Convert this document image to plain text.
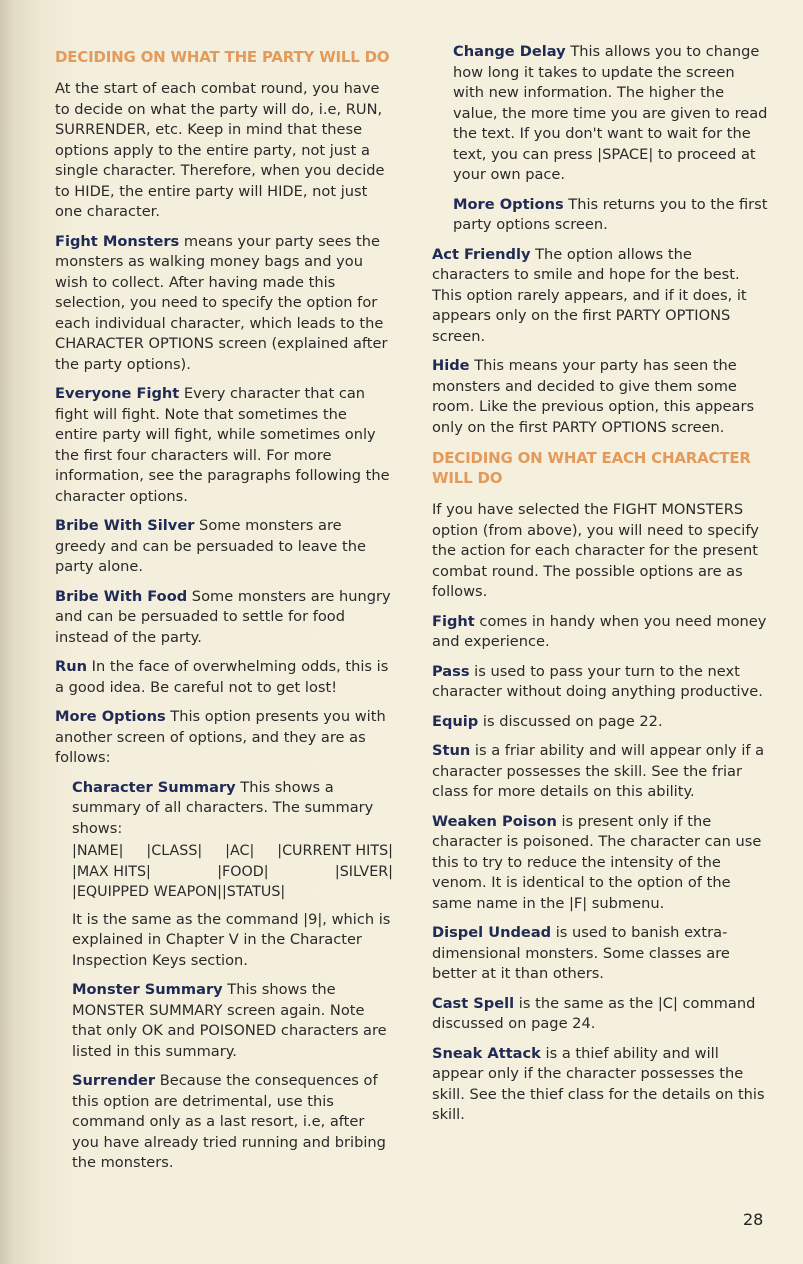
DECIDING ON WHAT THE PARTY WILL DO

At the start of each combat round, you have to decide on what the party will do, i.e, RUN, SURRENDER, etc. Keep in mind that these options apply to the entire party, not just a single character. Therefore, when you decide to HIDE, the entire party will HIDE, not just one character.

Fight Monsters means your party sees the monsters as walking money bags and you wish to collect. After having made this selection, you need to specify the option for each individual character, which leads to the CHARACTER OPTIONS screen (explained after the party options).

Everyone Fight Every character that can fight will fight. Note that sometimes the entire party will fight, while sometimes only the first four characters will. For more information, see the paragraphs following the character options.

Bribe With Silver Some monsters are greedy and can be persuaded to leave the party alone.

Bribe With Food Some monsters are hungry and can be persuaded to settle for food instead of the party.

Run In the face of overwhelming odds, this is a good idea. Be careful not to get lost!

More Options This option presents you with another screen of options, and they are as follows:

Character Summary This shows a summary of all characters. The summary shows:

|NAME| |CLASS| |AC| |CURRENT HITS|
|MAX HITS|	|FOOD|	|SILVER|
|EQUIPPED WEAPON| |STATUS|

It is the same as the command |9|, which is explained in Chapter V in the Character Inspection Keys section.

Monster Summary This shows the MONSTER SUMMARY screen again. Note that only OK and POISONED characters are listed in this summary.

Surrender Because the consequences of this option are detrimental, use this command only as a last resort, i.e, after you have already tried running and bribing the monsters.

Change Delay This allows you to change how long it takes to update the screen with new information. The higher the value, the more time you are given to read the text. If you don't want to wait for the text, you can press |SPACE| to proceed at your own pace.

More Options This returns you to the first party options screen.

Act Friendly The option allows the characters to smile and hope for the best. This option rarely appears, and if it does, it appears only on the first PARTY OPTIONS screen.

Hide This means your party has seen the monsters and decided to give them some room. Like the previous option, this appears only on the first PARTY OPTIONS screen.

DECIDING ON WHAT EACH CHARACTER WILL DO

If you have selected the FIGHT MONSTERS option (from above), you will need to specify the action for each character for the present combat round. The possible options are as follows.

Fight comes in handy when you need money and experience.

Pass is used to pass your turn to the next character without doing anything productive.

Equip is discussed on page 22.

Stun is a friar ability and will appear only if a character possesses the skill. See the friar class for more details on this ability.

Weaken Poison is present only if the character is poisoned. The character can use this to try to reduce the intensity of the venom. It is identical to the option of the same name in the |F| submenu.

Dispel Undead is used to banish extra-dimensional monsters. Some classes are better at it than others.

Cast Spell is the same as the |C| command discussed on page 24.

Sneak Attack is a thief ability and will appear only if the character possesses the skill. See the thief class for the details on this skill.

28
